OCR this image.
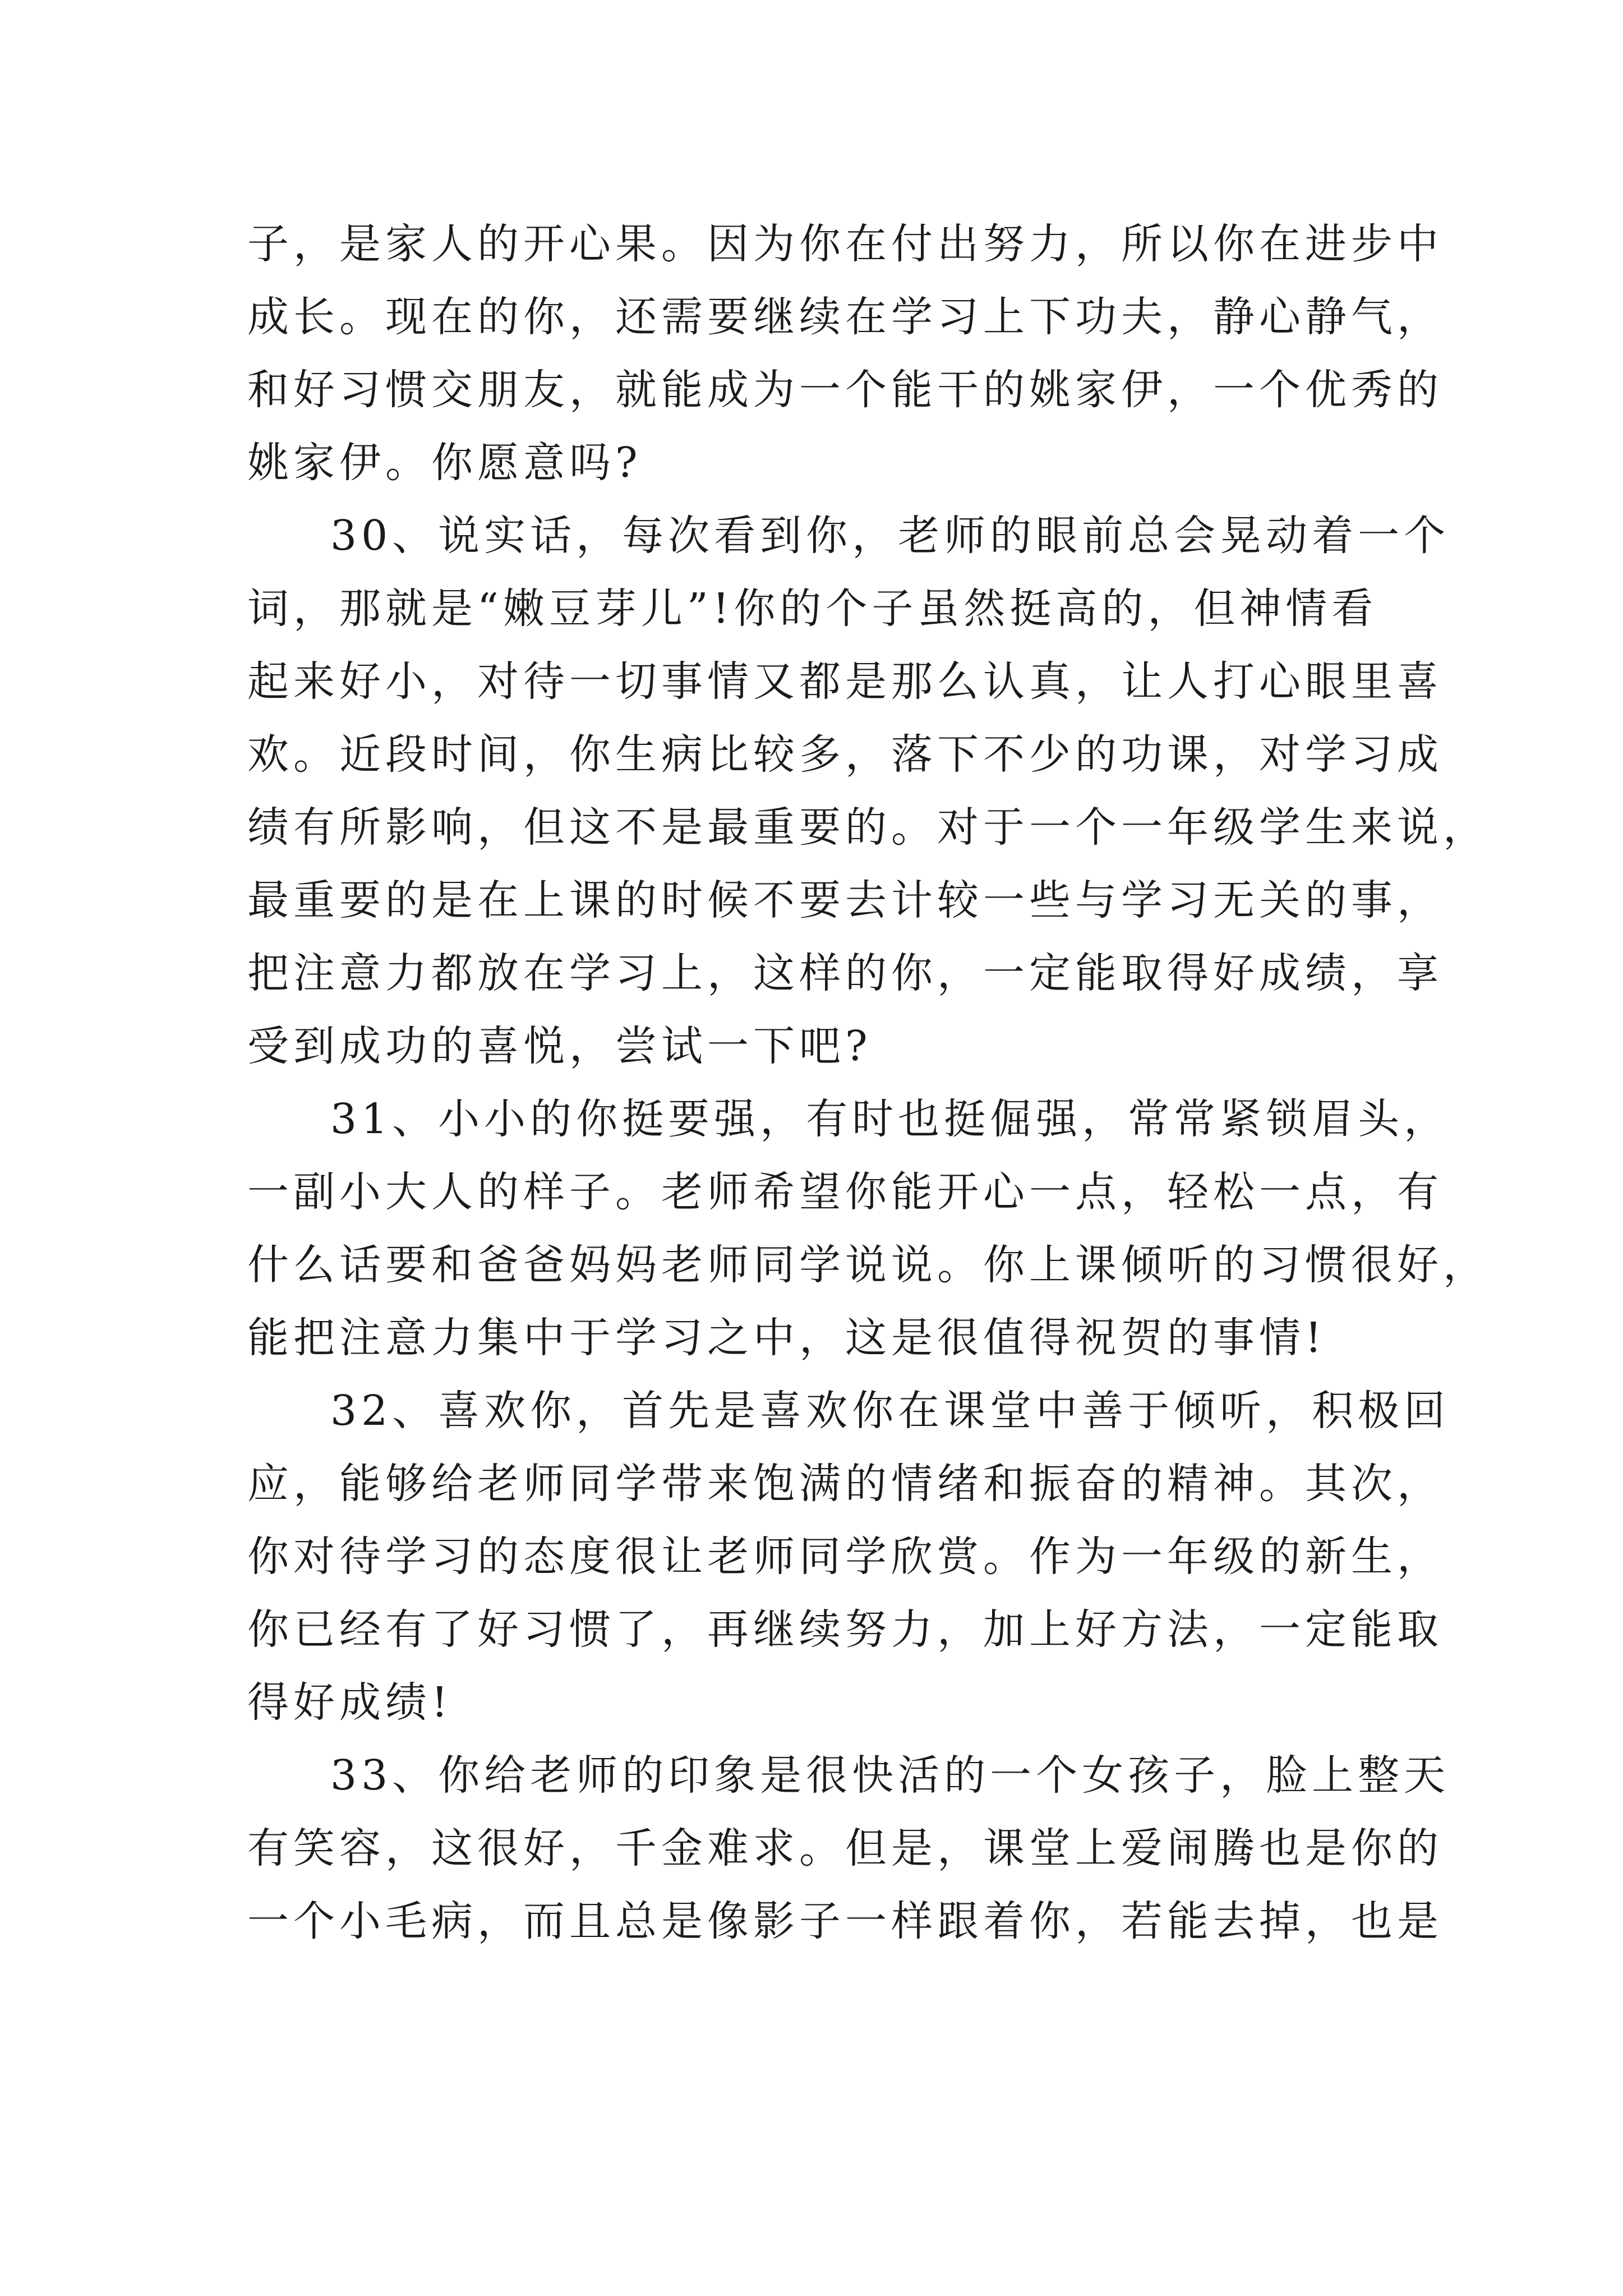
子，是家人的开心果。因为你在付出努力，所以你在进步中
成长。现在的你，还需要继续在学习上下功夫，静心静气，
和好习惯交朋友，就能成为一个能干的姚家伊，一个优秀的
姚家伊。你愿意吗?

30、说实话，每次看到你，老师的眼前总会晃动着一个
词，那就是“嫩豆芽儿”!你的个子虽然挺高的，但神情看
起来好小，对待一切事情又都是那么认真，让人打心眼里喜
欢。近段时间，你生病比较多，落下不少的功课，对学习成
绩有所影响，但这不是最重要的。对于一个一年级学生来说，
最重要的是在上课的时候不要去计较一些与学习无关的事，
把注意力都放在学习上，这样的你，一定能取得好成绩，享
受到成功的喜悦，尝试一下吧?

31、小小的你挺要强，有时也挺倔强，常常紧锁眉头，
一副小大人的样子。老师希望你能开心一点，轻松一点，有
什么话要和爸爸妈妈老师同学说说。你上课倾听的习惯很好，
能把注意力集中于学习之中，这是很值得祝贺的事情!

32、喜欢你，首先是喜欢你在课堂中善于倾听，积极回
应，能够给老师同学带来饱满的情绪和振奋的精神。其次，
你对待学习的态度很让老师同学欣赏。作为一年级的新生，
你已经有了好习惯了，再继续努力，加上好方法，一定能取
得好成绩!

33、你给老师的印象是很快活的一个女孩子，脸上整天
有笑容，这很好，千金难求。但是，课堂上爱闹腾也是你的
一个小毛病，而且总是像影子一样跟着你，若能去掉，也是
